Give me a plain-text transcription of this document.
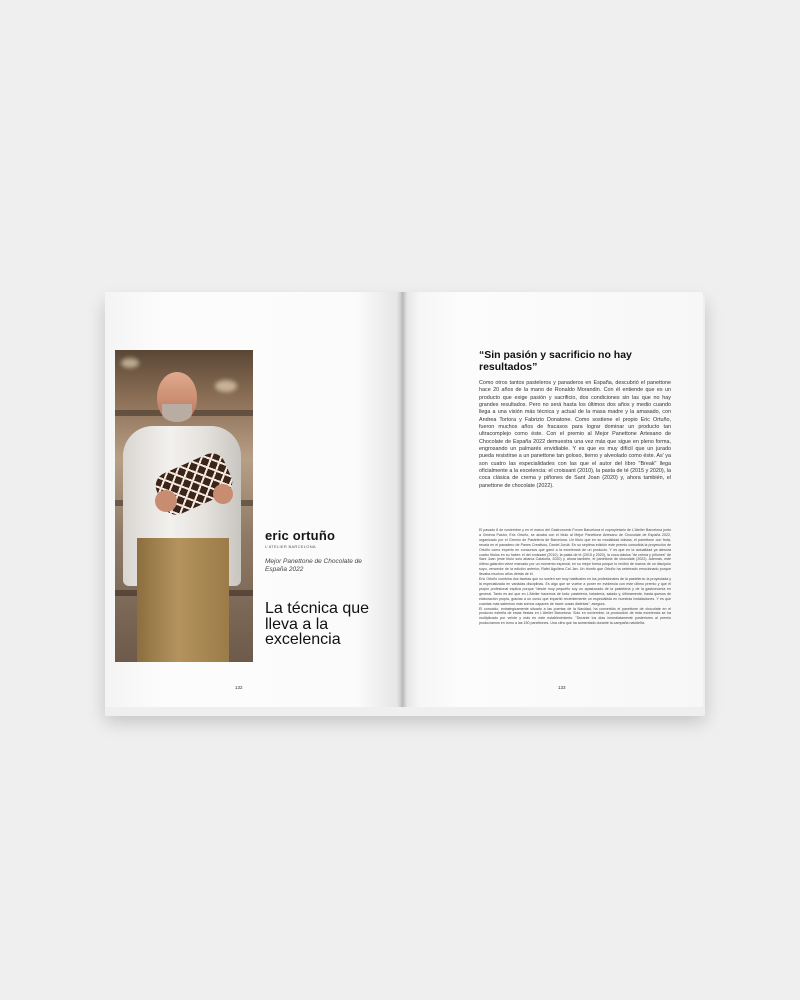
eric ortuño
L'ATELIER BARCELONA
Mejor Panettone de Chocolate de España 2022
La técnica que lleva a la excelencia
132
“Sin pasión y sacrificio no hay resultados”
Como otros tantos pasteleros y panaderos en España, descubrió el panettone hace 20 años de la mano de Ronaldo Morandin. Con él entiende que es un producto que exige pasión y sacrificio, dos condiciones sin las que no hay grandes resultados. Pero no será hasta los últimos dos años y medio cuando llega a una visión más técnica y actual de la masa madre y la amasado, con Andrea Tortora y Fabrizio Donatone. Como sostiene el propio Eric Ortuño, fueron muchos años de fracasos para lograr dominar un producto tan ultracomplejo como éste. Con el premio al Mejor Panettone Artesano de Chocolate de España 2022 demuestra una vez más que sigue en pleno forma, engrosando un palmarés envidiable. Y es que es muy difícil que un jurado pueda resistirse a un panettone tan goloso, tierno y alveolado como éste. As' ya son cuatro las especialidades con las que el autor del libro "Break" llega oficialmente a la excelencia: el croissant (2010), la pasta de té (2015 y 2020), la coca clásica de crema y piñones de Sant Joan (2020) y, ahora también, el panettone de chocolate (2022).

El pasado 8 de noviembre y en el marco del Gastronomic Forum Barcelona el copropietario de L'Atelier Barcelona junto a Ximena Pastor, Eric Ortuño, se alzaba con el título al Mejor Panettone Artesano de Chocolate de España 2022, organizado por el Gremio de Pastelería de Barcelona. Un título que en su modalidad clásica, el panettone con fruta, recaía en el panadero de Panes Creativos, Daniel Jordà. En su séptima edición este premio consolida la proyección de Ortuño como experto en concursos que ganó a la excelencia de un producto. Y es que en la actualidad ya atesora cuatro títulos en su haber: el del croissant (2010), la pasta de té (2015 y 2020), la coca clásica "de crema y piñones" de Sant Joan (este título solo abarca Cataluña, 2020) y, ahora también, el panettone de chocolate (2022). Además, este último galardón viene marcado por un momento especial, en su mejor forma porque lo recibió de manos de un discípulo suyo, vencedor de la edición anterior, Rafel Aguilera Cal Jan. Un triunfo que Ortuño ha celebrado emocionado porque llevaba muchos años detrás de él.

Eric Ortuño combina dos facetas que no suelen ser muy habituales en los profesionales de la pastelería: la proyectada y la especializada en variadas disciplinas. Es algo que se vuelve a poner en evidencia con este último premio y que el propio profesional explica porque "desde muy pequeño soy un apasionado de la pastelería y de la gastronomía en general. Tanto es así que en L'Atelier hacemos de todo: pastelería, heladería, salado y, últimamente, hasta quesos de elaboración propia, gracias a un curso que impartió recientemente un especialista en nuestras instalaciones. Y es que cuantas más sabemos más somos capaces de hacer cosas distintas", asegura.

El conocido, extrategicamente situado a las puertas de la Navidad, ha convertido el panettone de chocolate en el producto estrella de estas fiestas en L'Atelier Barcelona. Solo en noviembre, la producción de esta excelencia se ha multiplicado por veinte y más en este establecimiento. "Durante los días inmediatamente posteriores al premio producíamos en torno a las 150 panettones. Una cifra que ha aumentado durante la campaña navideña.

133
